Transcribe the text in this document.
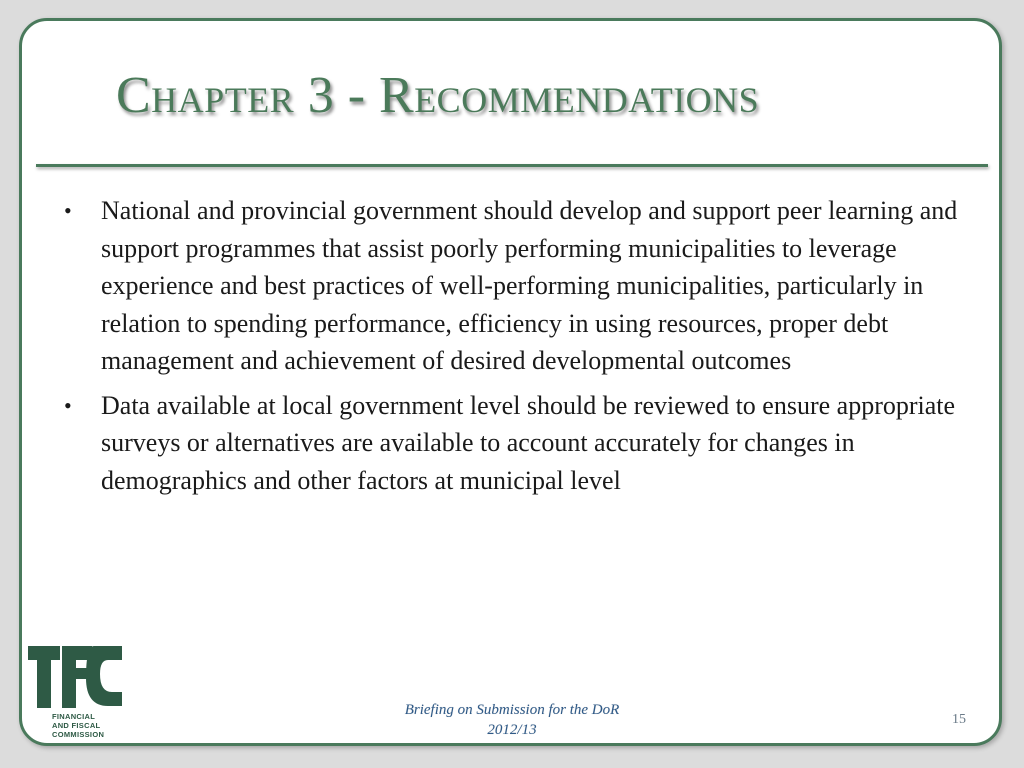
Chapter 3 - Recommendations
• National and provincial government should develop and support peer learning and support programmes that assist poorly performing municipalities to leverage experience and best practices of well-performing municipalities, particularly in relation to spending performance, efficiency in using resources, proper debt management and achievement of desired developmental outcomes
• Data available at local government level should be reviewed to ensure appropriate surveys or alternatives are available to account accurately for changes in demographics and other factors at municipal level
FINANCIAL
AND FISCAL
COMMISSION
Briefing on Submission for the DoR
2012/13
15
